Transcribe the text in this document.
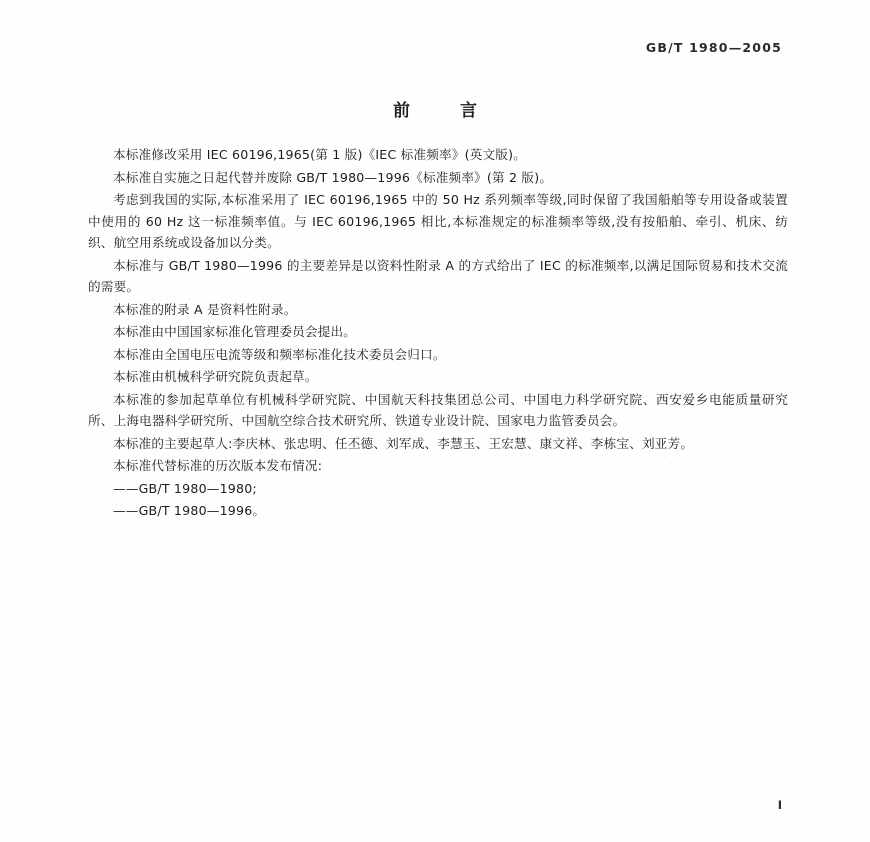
GB/T 1980—2005
前 言

本标准修改采用 IEC 60196,1965(第 1 版)《IEC 标准频率》(英文版)。

本标准自实施之日起代替并废除 GB/T 1980—1996《标准频率》(第 2 版)。

考虑到我国的实际,本标准采用了 IEC 60196,1965 中的 50 Hz 系列频率等级,同时保留了我国船舶等专用设备或装置中使用的 60 Hz 这一标准频率值。与 IEC 60196,1965 相比,本标准规定的标准频率等级,没有按船舶、牵引、机床、纺织、航空用系统或设备加以分类。

本标准与 GB/T 1980—1996 的主要差异是以资料性附录 A 的方式给出了 IEC 的标准频率,以满足国际贸易和技术交流的需要。

本标准的附录 A 是资料性附录。

本标准由中国国家标准化管理委员会提出。

本标准由全国电压电流等级和频率标准化技术委员会归口。

本标准由机械科学研究院负责起草。

本标准的参加起草单位有机械科学研究院、中国航天科技集团总公司、中国电力科学研究院、西安爱乡电能质量研究所、上海电器科学研究所、中国航空综合技术研究所、铁道专业设计院、国家电力监管委员会。

本标准的主要起草人:李庆林、张忠明、任丕德、刘军成、李慧玉、王宏慧、康文祥、李栋宝、刘亚芳。

本标准代替标准的历次版本发布情况:

——GB/T 1980—1980;

——GB/T 1980—1996。

I
